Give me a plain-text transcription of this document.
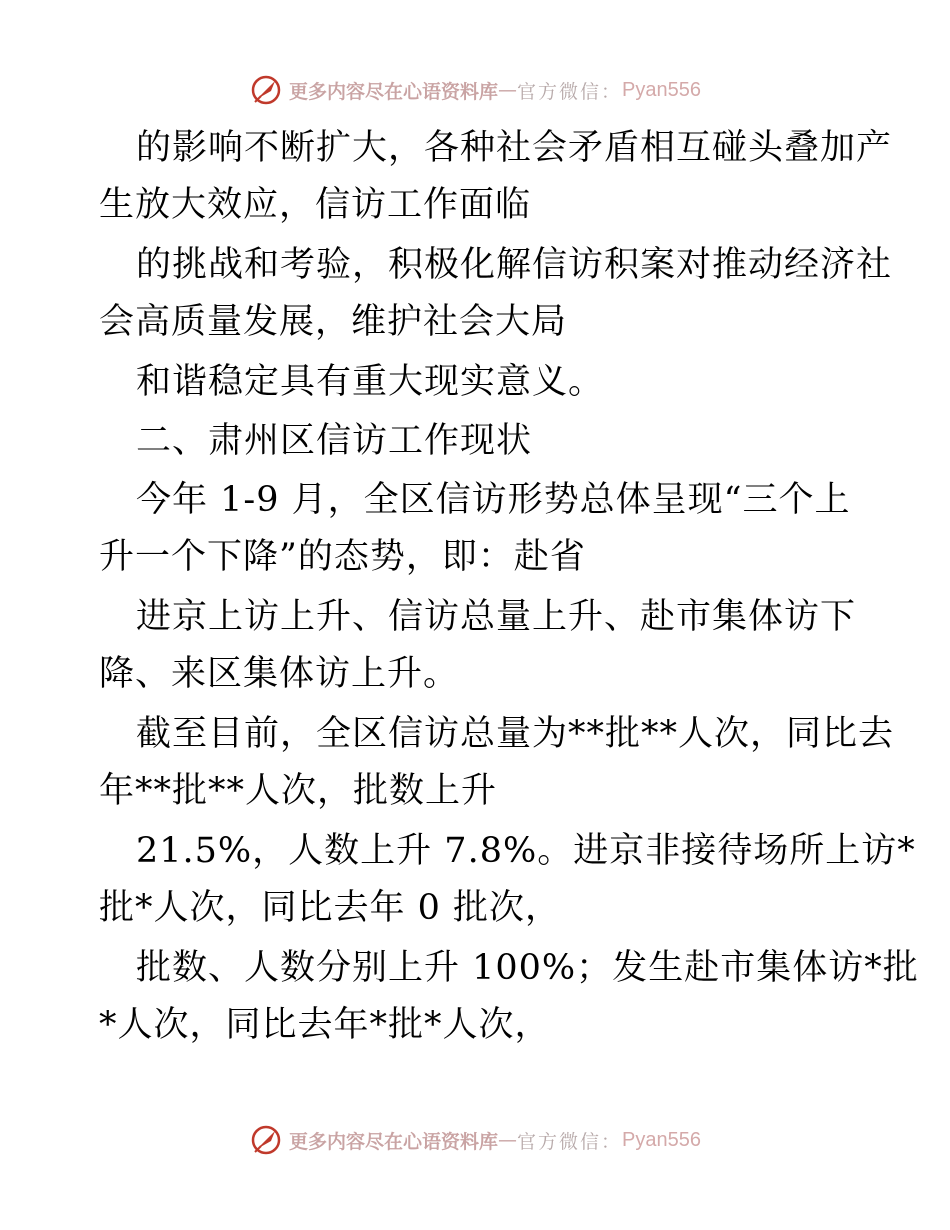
更多内容尽在心语资料库 — 官方微信： Pyan556
的影响不断扩大，各种社会矛盾相互碰头叠加产
生放大效应，信访工作面临
的挑战和考验，积极化解信访积案对推动经济社
会高质量发展，维护社会大局
和谐稳定具有重大现实意义。
二、肃州区信访工作现状
今年 1-9 月，全区信访形势总体呈现“三个上
升一个下降”的态势，即：赴省
进京上访上升、信访总量上升、赴市集体访下
降、来区集体访上升。
截至目前，全区信访总量为**批**人次，同比去
年**批**人次，批数上升
21.5%，人数上升 7.8%。进京非接待场所上访*
批*人次，同比去年 0 批次，
批数、人数分别上升 100%；发生赴市集体访*批
*人次，同比去年*批*人次，
更多内容尽在心语资料库 — 官方微信： Pyan556
